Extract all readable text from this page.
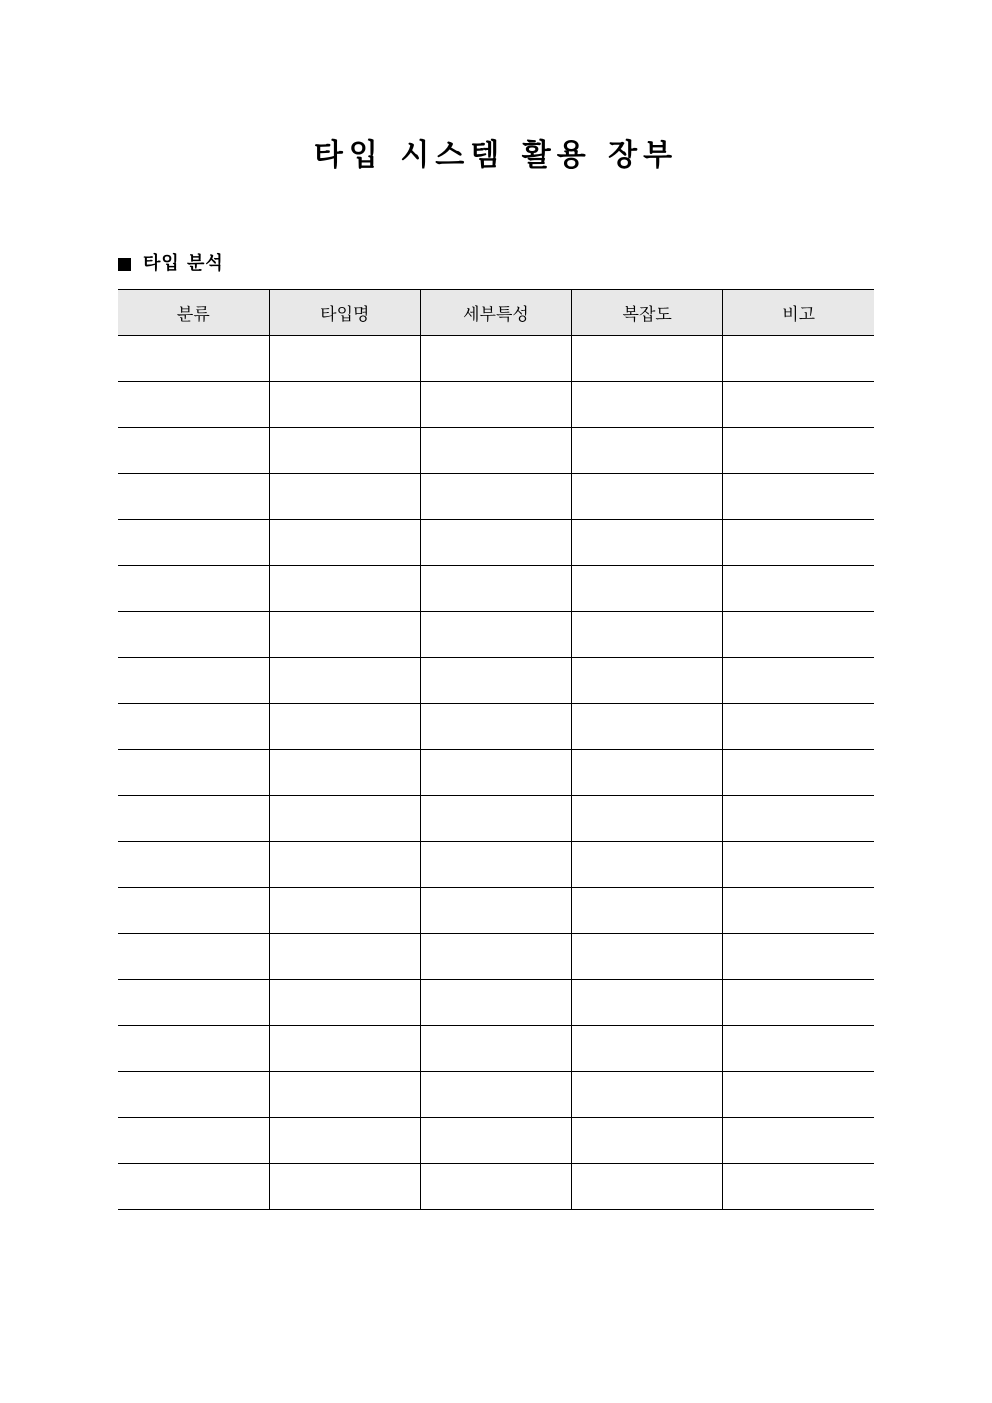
타입 시스템 활용 장부
타입 분석
분류	타입명	세부특성	복잡도	비고
